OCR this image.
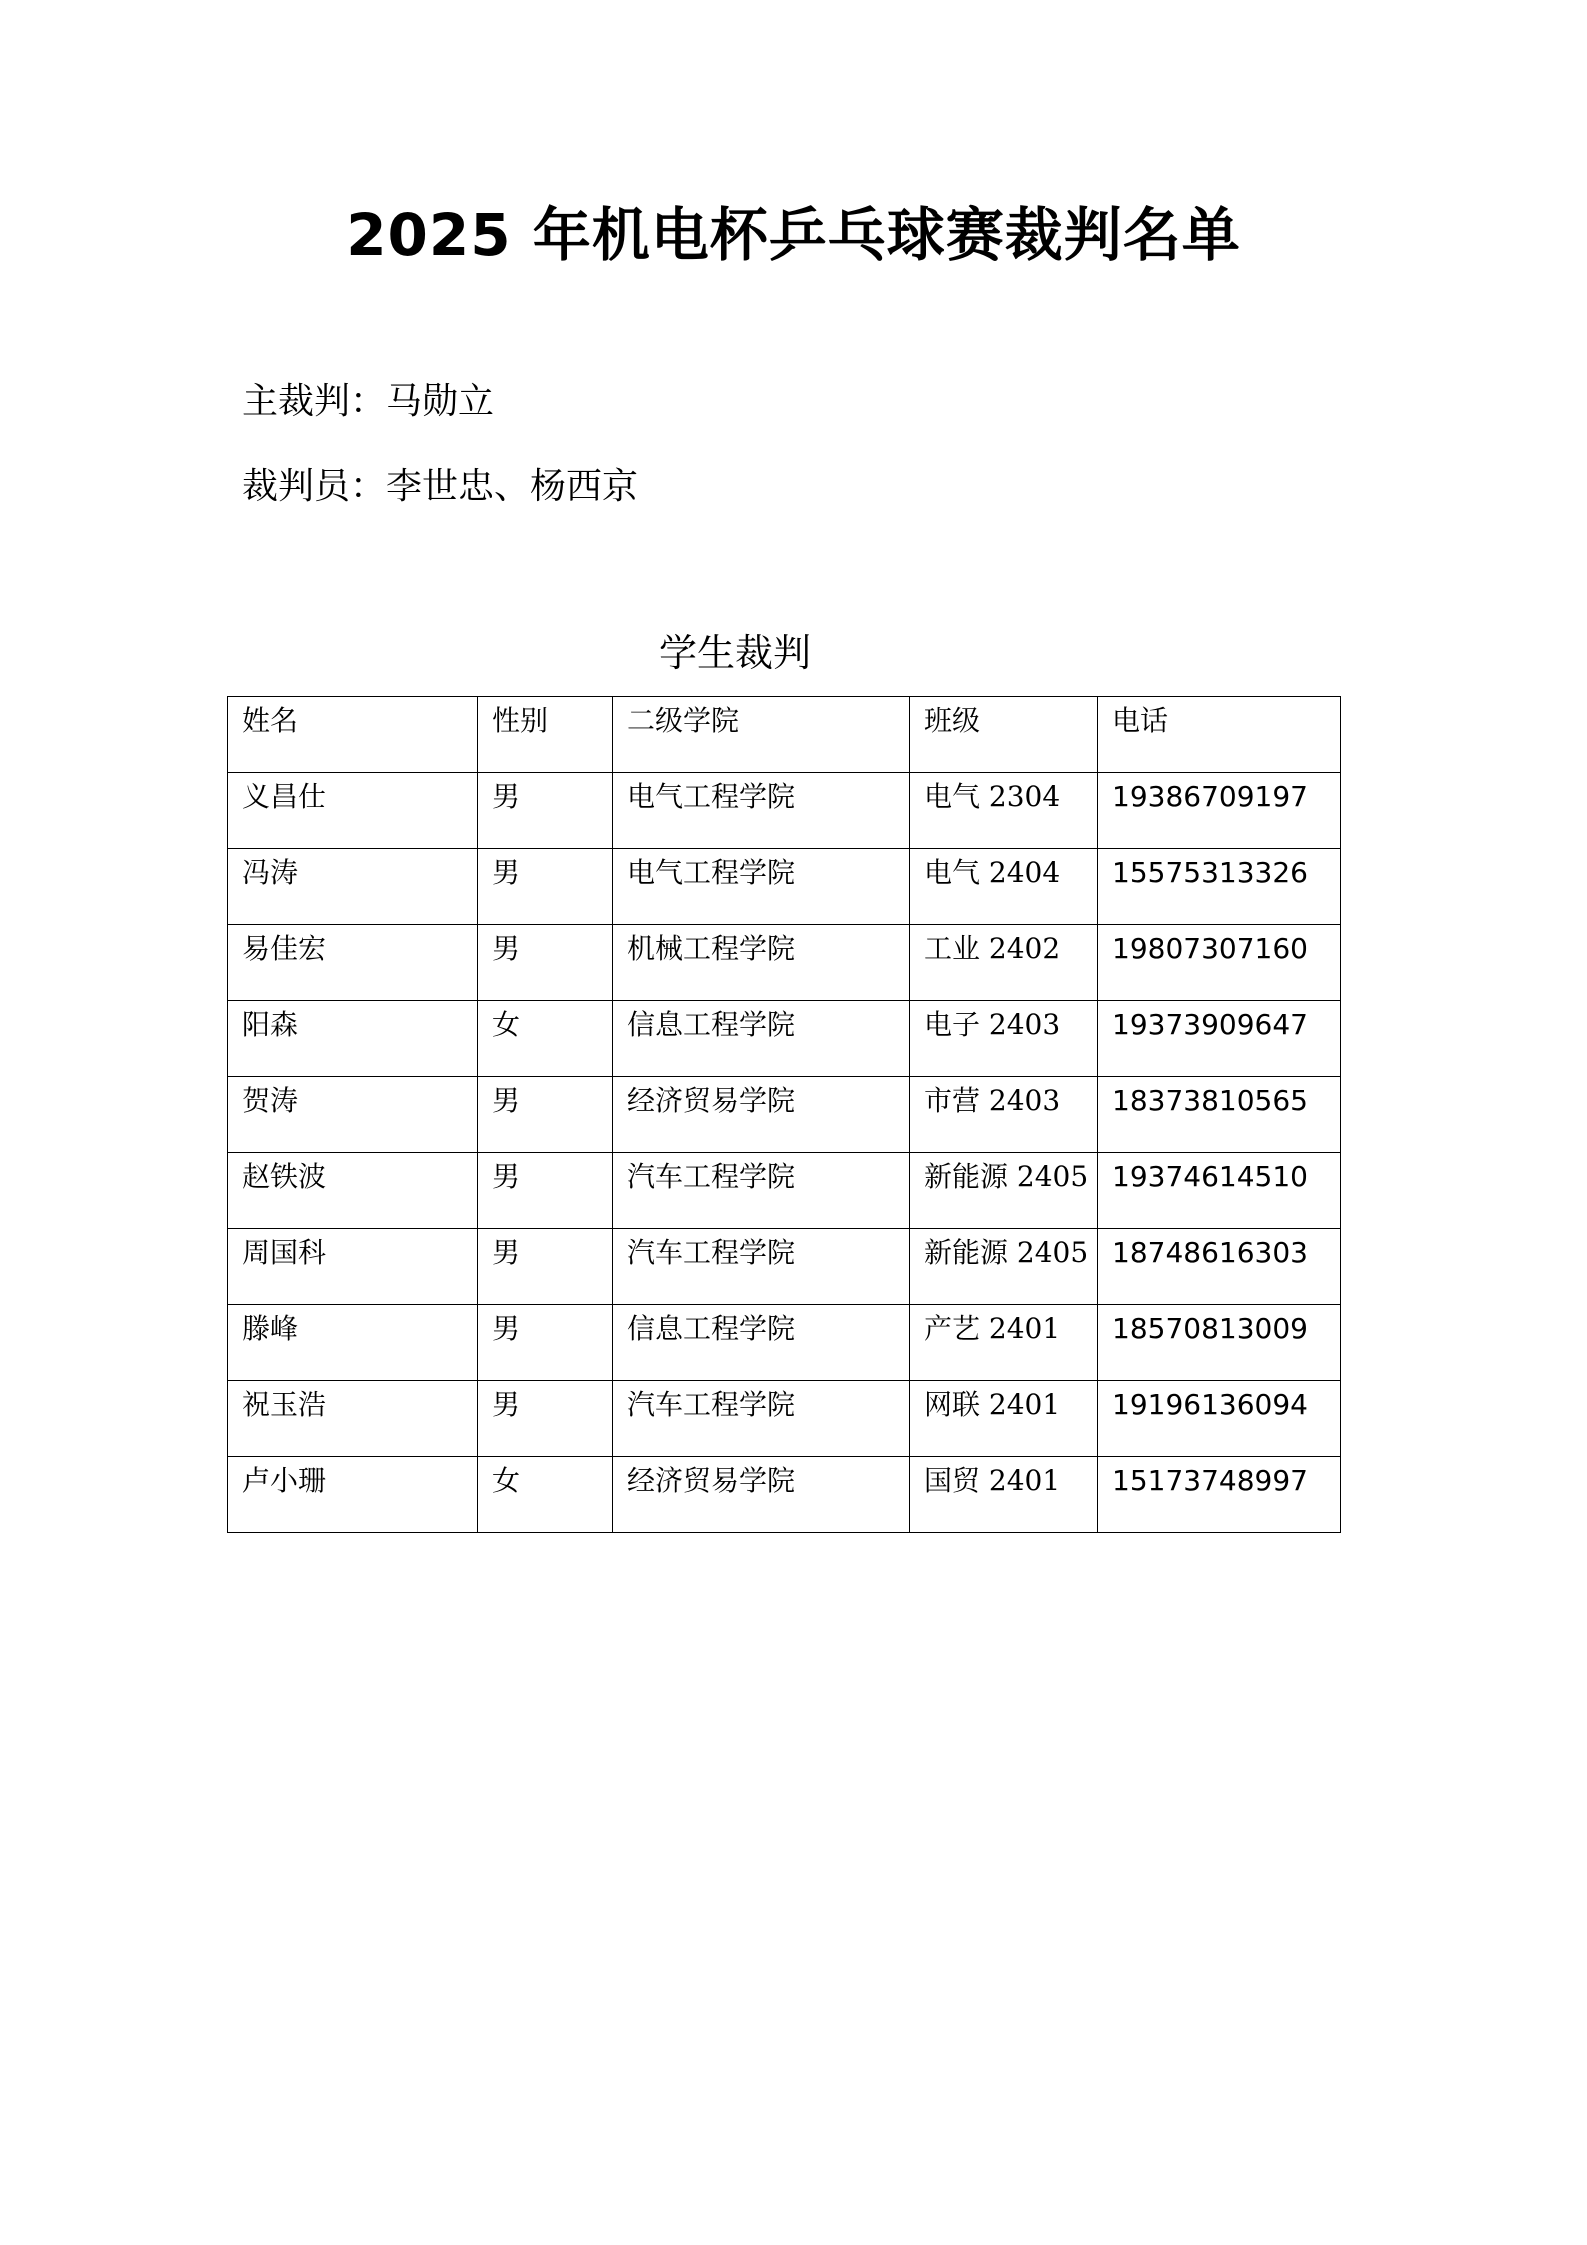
2025 年机电杯乒乓球赛裁判名单
主裁判：马勋立
裁判员：李世忠、杨西京
学生裁判
姓名	性别	二级学院	班级	电话
义昌仕	男	电气工程学院	电气 2304	19386709197
冯涛	男	电气工程学院	电气 2404	15575313326
易佳宏	男	机械工程学院	工业 2402	19807307160
阳森	女	信息工程学院	电子 2403	19373909647
贺涛	男	经济贸易学院	市营 2403	18373810565
赵铁波	男	汽车工程学院	新能源 2405	19374614510
周国科	男	汽车工程学院	新能源 2405	18748616303
滕峰	男	信息工程学院	产艺 2401	18570813009
祝玉浩	男	汽车工程学院	网联 2401	19196136094
卢小珊	女	经济贸易学院	国贸 2401	15173748997
